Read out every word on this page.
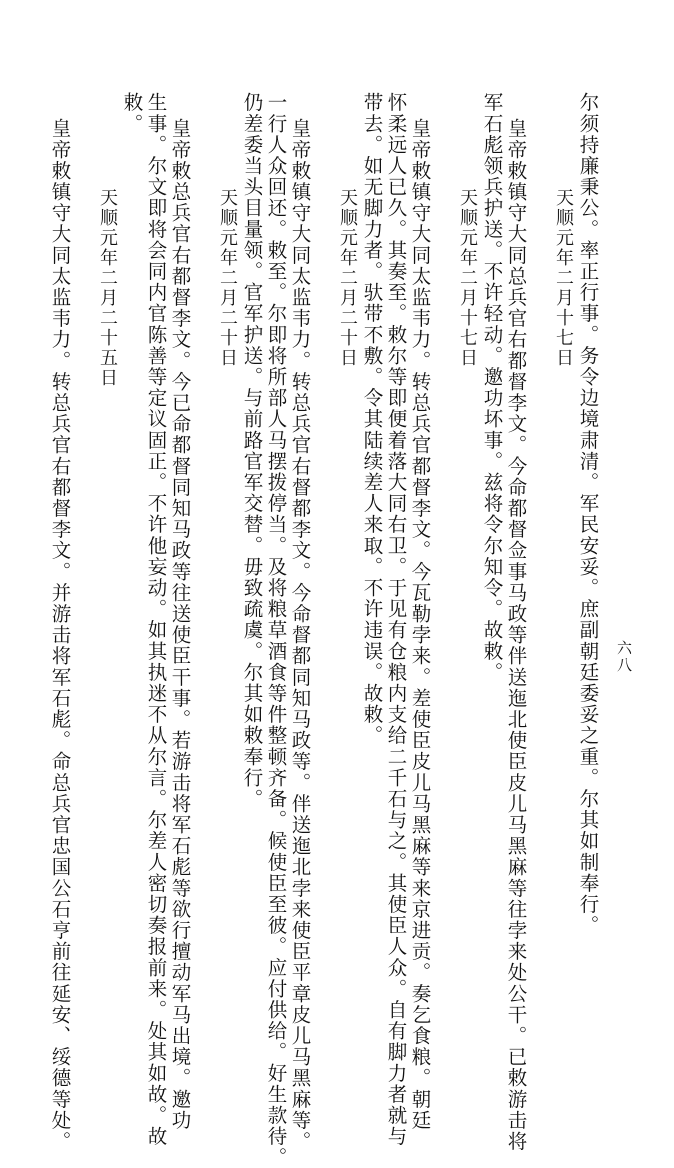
六八
尔须持廉秉公。率正行事。务令边境肃清。军民安妥。庶副朝廷委妥之重。尔其如制奉行。
天顺元年二月十七日
皇帝敕镇守大同总兵官右都督李文。今命都督佥事马政等伴送迤北使臣皮儿马黑麻等往孛来处公干。已敕游击将
军石彪领兵护送。不许轻动。邀功坏事。兹将令尔知令。故敕。
天顺元年二月十七日
皇帝敕镇守大同太监韦力。转总兵官都督李文。今瓦勒孛来。差使臣皮儿马黑麻等来京进贡。奏乞食粮。朝廷
怀柔远人已久。其奏至。敕尔等即便着落大同右卫。于见有仓粮内支给二千石与之。其使臣人众。自有脚力者就与
带去。如无脚力者。驮带不敷。令其陆续差人来取。不许违误。故敕。
天顺元年二月二十日
皇帝敕镇守大同太监韦力。转总兵官右督都李文。今命督都同知马政等。伴送迤北孛来使臣平章皮儿马黑麻等。
一行人众回还。敕至。尔即将所部人马摆拨停当。及将粮草酒食等件整顿齐备。候使臣至彼。应付供给。好生款待。
仍差委当头目量领。官军护送。与前路官军交替。毋致疏虞。尔其如敕奉行。
天顺元年二月二十日
皇帝敕总兵官右都督李文。今已命都督同知马政等往送使臣干事。若游击将军石彪等欲行擅动军马出境。邀功
生事。尔文即将会同内官陈善等定议固正。不许他妄动。如其执迷不从尔言。尔差人密切奏报前来。处其如故。故
敕。
天顺元年二月二十五日
皇帝敕镇守大同太监韦力。转总兵官右都督李文。并游击将军石彪。命总兵官忠国公石亨前往延安、绥德等处。
